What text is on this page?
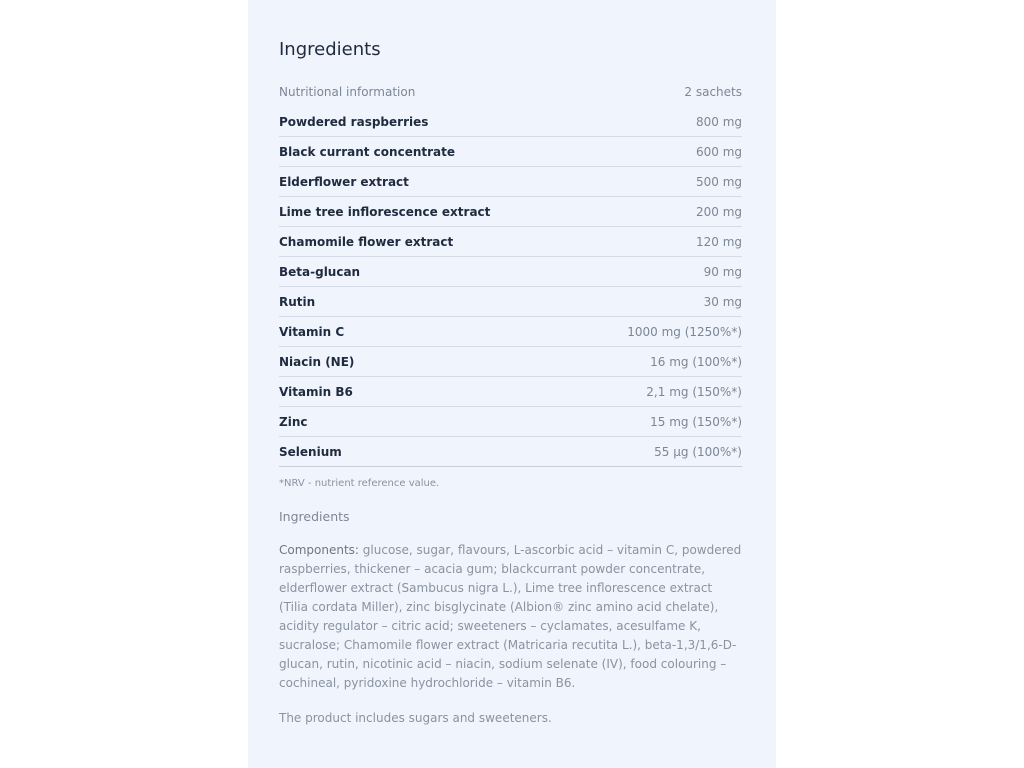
Ingredients
Nutritional information	2 sachets
Powdered raspberries	800 mg
Black currant concentrate	600 mg
Elderflower extract	500 mg
Lime tree inflorescence extract	200 mg
Chamomile flower extract	120 mg
Beta-glucan	90 mg
Rutin	30 mg
Vitamin C	1000 mg (1250%*)
Niacin (NE)	16 mg (100%*)
Vitamin B6	2,1 mg (150%*)
Zinc	15 mg (150%*)
Selenium	55 µg (100%*)
*NRV - nutrient reference value.
Ingredients
Components: glucose, sugar, flavours, L-ascorbic acid – vitamin C, powdered raspberries, thickener – acacia gum; blackcurrant powder concentrate, elderflower extract (Sambucus nigra L.), Lime tree inflorescence extract (Tilia cordata Miller), zinc bisglycinate (Albion® zinc amino acid chelate), acidity regulator – citric acid; sweeteners – cyclamates, acesulfame K, sucralose; Chamomile flower extract (Matricaria recutita L.), beta-1,3/1,6-D-glucan, rutin, nicotinic acid – niacin, sodium selenate (IV), food colouring – cochineal, pyridoxine hydrochloride – vitamin B6.
The product includes sugars and sweeteners.
